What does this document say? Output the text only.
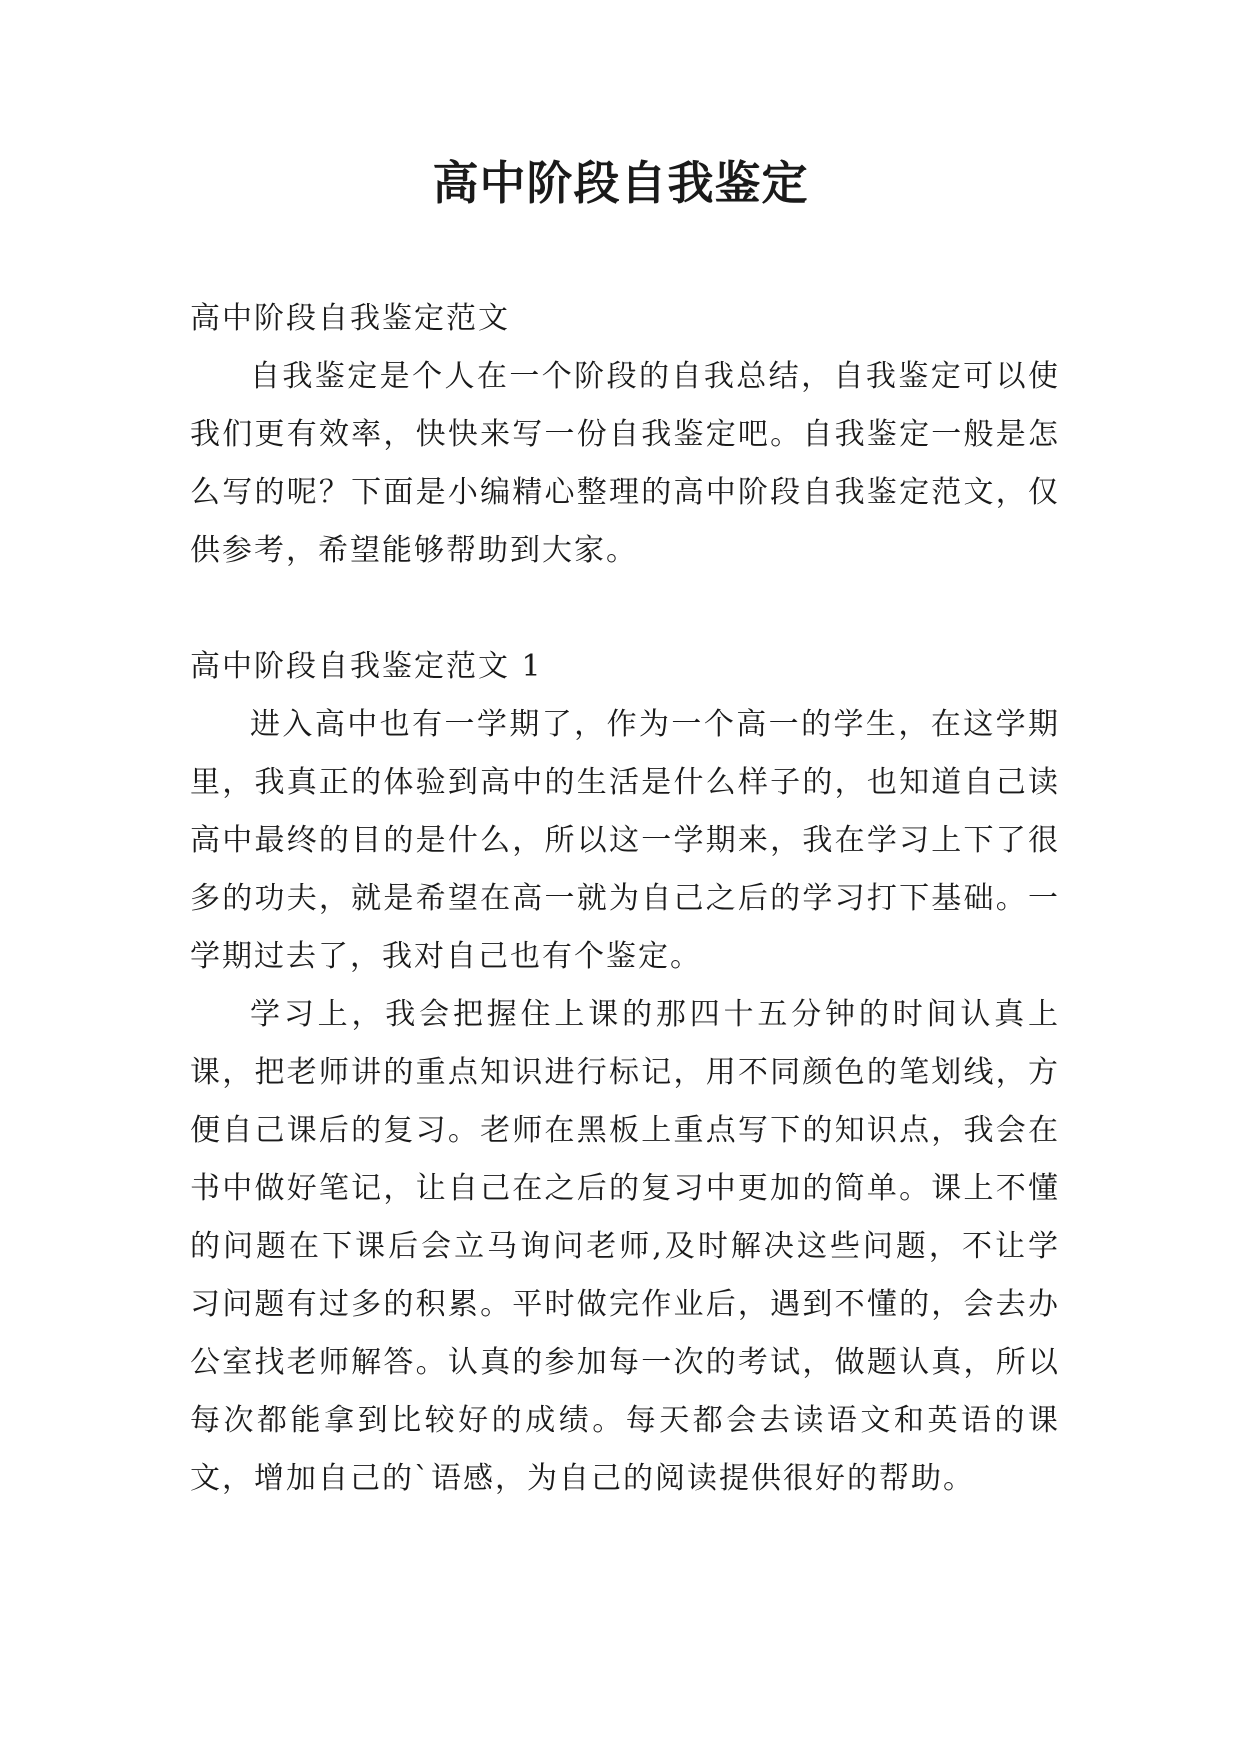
高中阶段自我鉴定
高中阶段自我鉴定范文

自我鉴定是个人在一个阶段的自我总结，自我鉴定可以使我们更有效率，快快来写一份自我鉴定吧。自我鉴定一般是怎么写的呢？下面是小编精心整理的高中阶段自我鉴定范文，仅供参考，希望能够帮助到大家。

高中阶段自我鉴定范文 1

进入高中也有一学期了，作为一个高一的学生，在这学期里，我真正的体验到高中的生活是什么样子的，也知道自己读高中最终的目的是什么，所以这一学期来，我在学习上下了很多的功夫，就是希望在高一就为自己之后的学习打下基础。一学期过去了，我对自己也有个鉴定。

学习上，我会把握住上课的那四十五分钟的时间认真上课，把老师讲的重点知识进行标记，用不同颜色的笔划线，方便自己课后的复习。老师在黑板上重点写下的知识点，我会在书中做好笔记，让自己在之后的复习中更加的简单。课上不懂的问题在下课后会立马询问老师,及时解决这些问题，不让学习问题有过多的积累。平时做完作业后，遇到不懂的，会去办公室找老师解答。认真的参加每一次的考试，做题认真，所以每次都能拿到比较好的成绩。每天都会去读语文和英语的课文，增加自己的`语感，为自己的阅读提供很好的帮助。
